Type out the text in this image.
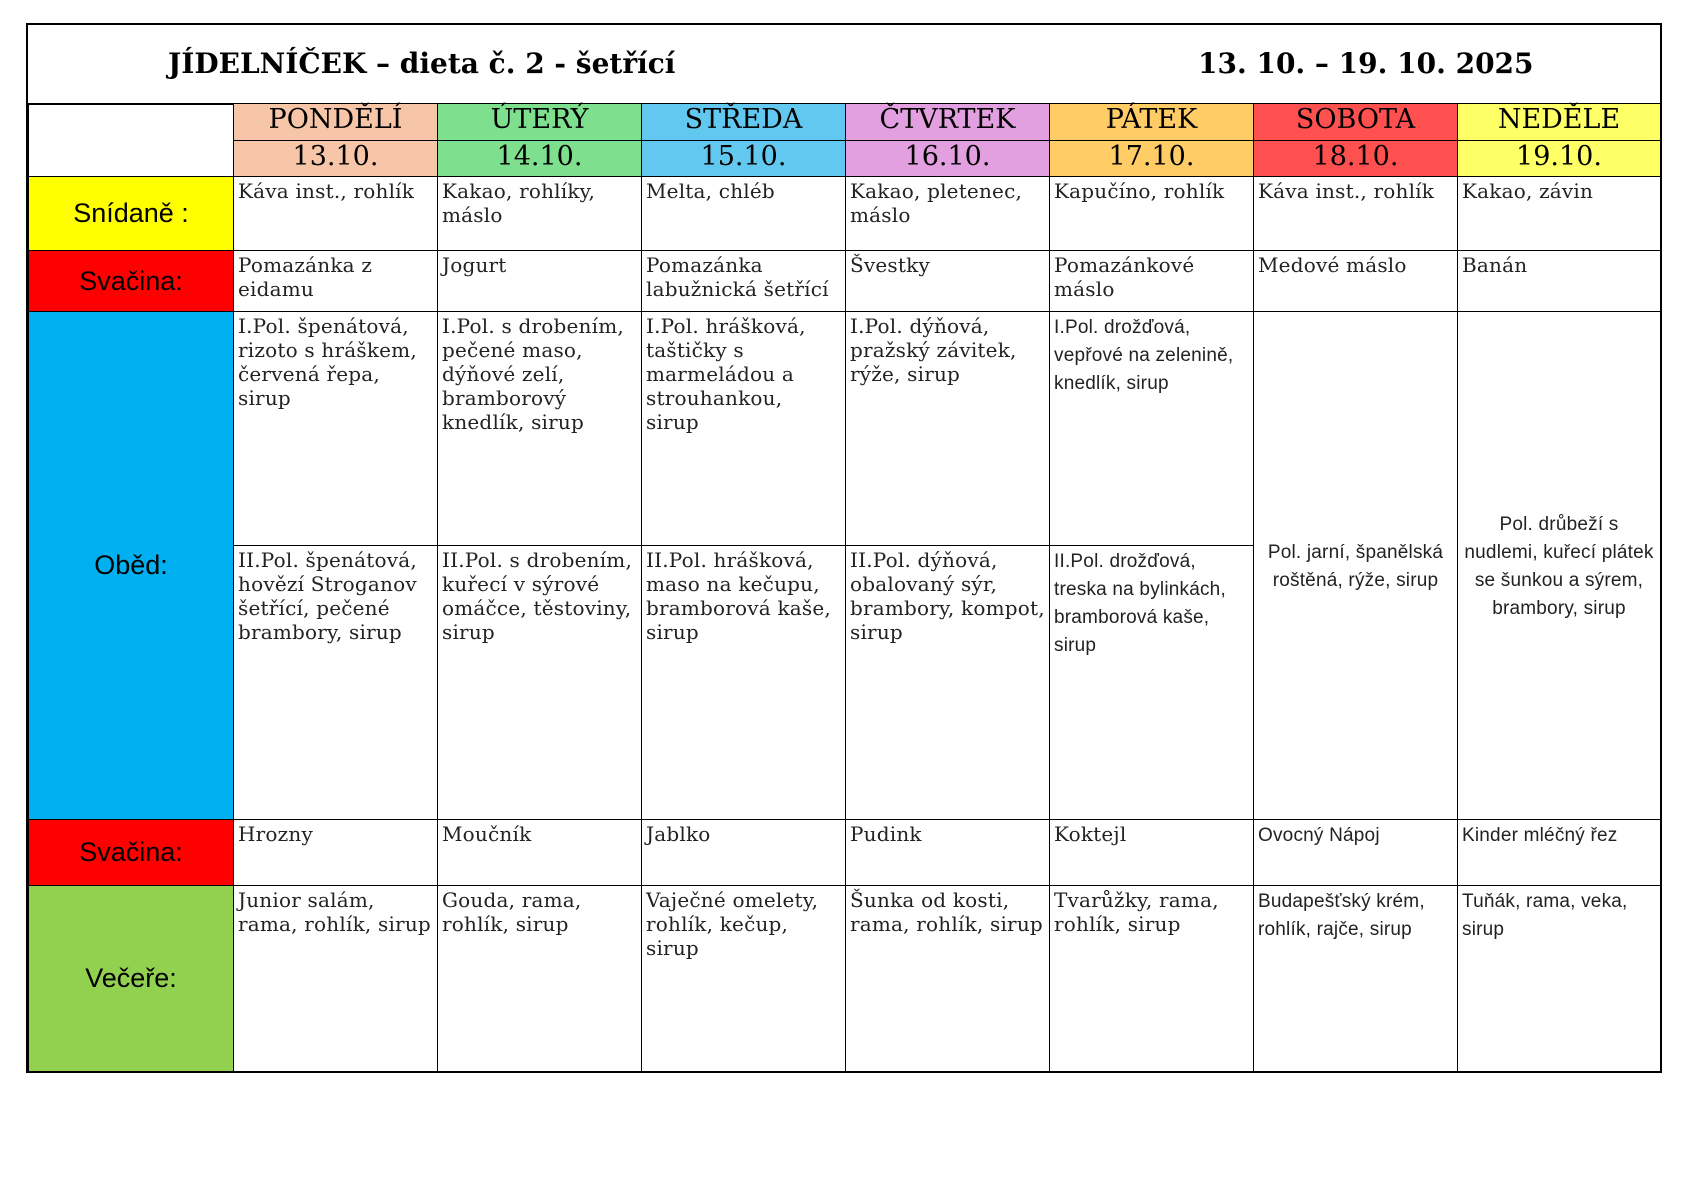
JÍDELNÍČEK – dieta č. 2 - šetřící	13. 10. – 19. 10. 2025
	PONDĚLÍ	ÚTERÝ	STŘEDA	ČTVRTEK	PÁTEK	SOBOTA	NEDĚLE
	13.10.	14.10.	15.10.	16.10.	17.10.	18.10.	19.10.
Snídaně :	Káva inst., rohlík	Kakao, rohlíky, máslo	Melta, chléb	Kakao, pletenec, máslo	Kapučíno, rohlík	Káva inst., rohlík	Kakao, závin
Svačina:	Pomazánka z eidamu	Jogurt	Pomazánka labužnická šetřící	Švestky	Pomazánkové máslo	Medové máslo	Banán
Oběd:	I.Pol. špenátová, rizoto s hráškem, červená řepa, sirup	I.Pol. s drobením, pečené maso, dýňové zelí, bramborový knedlík, sirup	I.Pol. hrášková, taštičky s marmeládou a strouhankou, sirup	I.Pol. dýňová, pražský závitek, rýže, sirup	I.Pol. drožďová, vepřové na zelenině, knedlík, sirup	Pol. jarní, španělská roštěná, rýže, sirup	Pol. drůbeží s nudlemi, kuřecí plátek se šunkou a sýrem, brambory, sirup
	II.Pol. špenátová, hovězí Stroganov šetřící, pečené brambory, sirup	II.Pol. s drobením, kuřecí v sýrové omáčce, těstoviny, sirup	II.Pol. hrášková, maso na kečupu, bramborová kaše, sirup	II.Pol. dýňová, obalovaný sýr, brambory, kompot, sirup	II.Pol. drožďová, treska na bylinkách, bramborová kaše, sirup		
Svačina:	Hrozny	Moučník	Jablko	Pudink	Koktejl	Ovocný Nápoj	Kinder mléčný řez
Večeře:	Junior salám, rama, rohlík, sirup	Gouda, rama, rohlík, sirup	Vaječné omelety, rohlík, kečup, sirup	Šunka od kosti, rama, rohlík, sirup	Tvarůžky, rama, rohlík, sirup	Budapešťský krém, rohlík, rajče, sirup	Tuňák, rama, veka, sirup
